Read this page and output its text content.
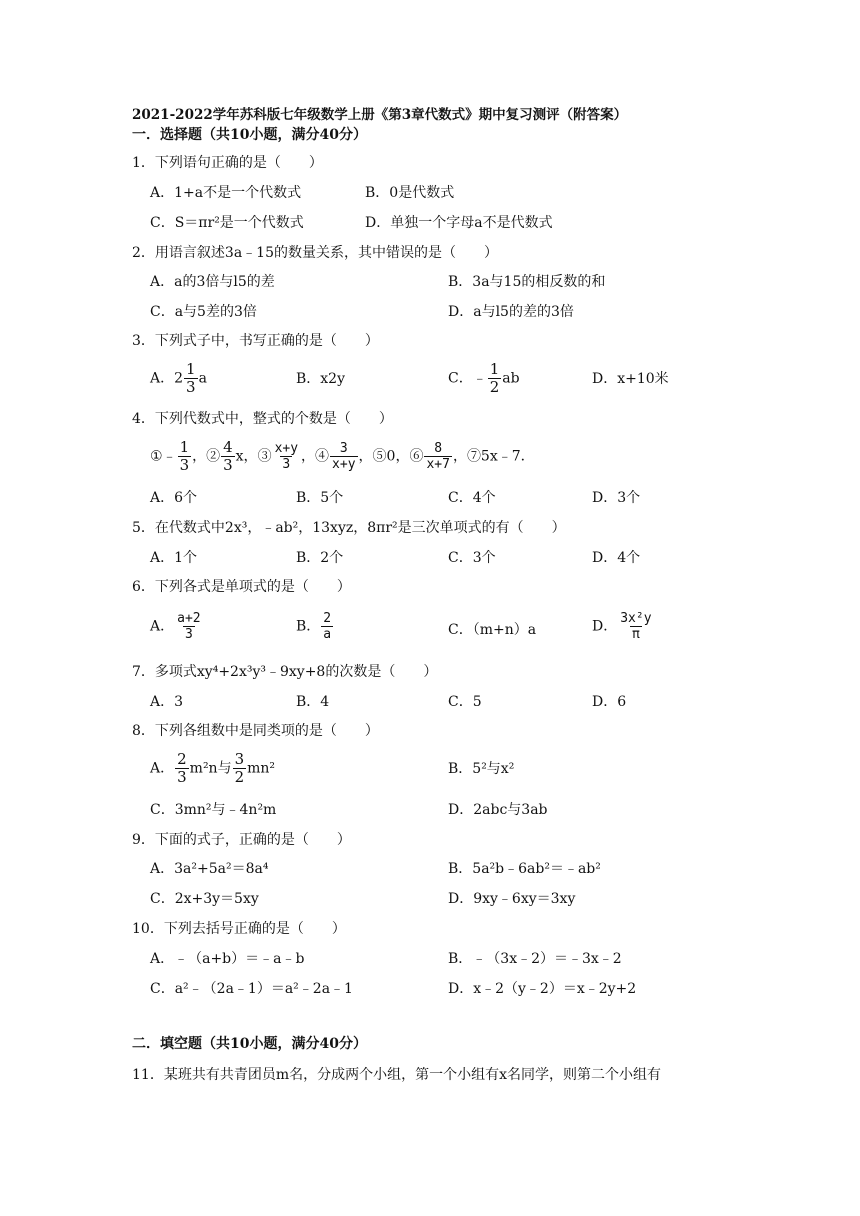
2021-2022学年苏科版七年级数学上册《第3章代数式》期中复习测评（附答案）
一．选择题（共10小题，满分40分）
1．下列语句正确的是（　　）
A．1+a不是一个代数式	B．0是代数式
C．S＝πr²是一个代数式	D．单独一个字母a不是代数式
2．用语言叙述3a﹣15的数量关系，其中错误的是（　　）
A．a的3倍与l5的差	B．3a与15的相反数的和
C．a与5差的3倍	D．a与l5的差的3倍
3．下列式子中，书写正确的是（　　）
A．$2 \frac{1}{3}$ a	B．x2y	C．﹣ $\frac{1}{2}$ ab	D．x+10米
4．下列代数式中，整式的个数是（　　）
①﹣ $\frac{1}{3}$ ，② $\frac{4}{3}$ x，③ $\frac{x+y}{3}$ ，④ $\frac{3}{x+y}$ ，⑤0，⑥ $\frac{8}{x+7}$ ，⑦5x﹣7．
A．6个	B．5个	C．4个	D．3个
5．在代数式中2x³，﹣ab²，13xyz，8πr²是三次单项式的有（　　）
A．1个	B．2个	C．3个	D．4个
6．下列各式是单项式的是（　　）
A． $\frac{a+2}{3}$	B． $\frac{2}{a}$	C．（m+n）a	D． $\frac{\text{3x²y}}{\pi}$
7．多项式xy⁴+2x³y³﹣9xy+8的次数是（　　）
A．3	B．4	C．5	D．6
8．下列各组数中是同类项的是（　　）
A． $\frac{2}{3} m^2n$与 $\frac{3}{2} mn^2$	B．5²与x²
C．3mn²与﹣4n²m	D．2abc与3ab
9．下面的式子，正确的是（　　）
A．3a²+5a²＝8a⁴	B．5a²b﹣6ab²＝﹣ab²
C．2x+3y＝5xy	D．9xy﹣6xy＝3xy
10．下列去括号正确的是（　　）
A．﹣（a+b）＝﹣a﹣b	B．﹣（3x﹣2）＝﹣3x﹣2
C．a²﹣（2a﹣1）＝a²﹣2a﹣1	D．x﹣2（y﹣2）＝x﹣2y+2
二．填空题（共10小题，满分40分）
11．某班共有共青团员m名，分成两个小组，第一个小组有x名同学，则第二个小组有
